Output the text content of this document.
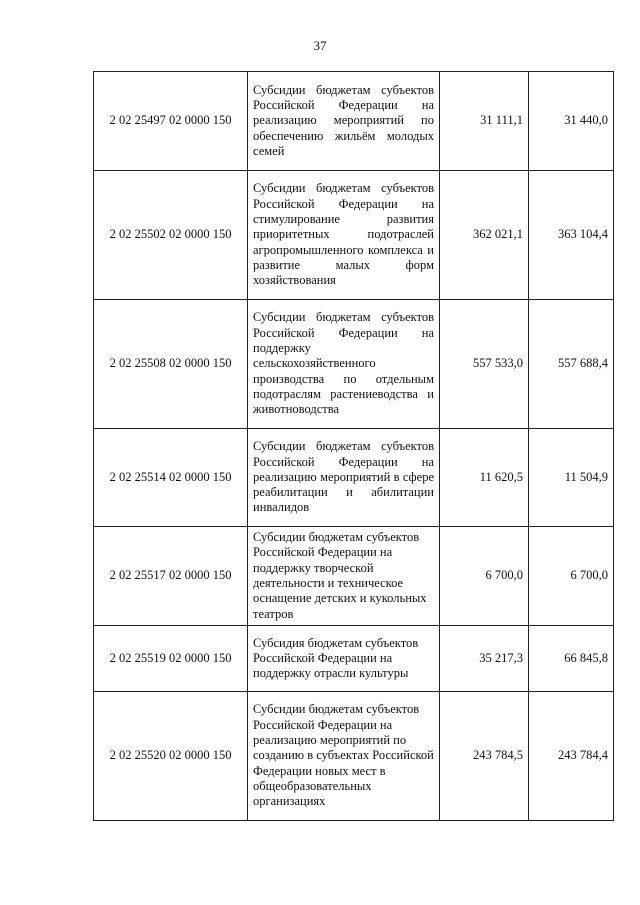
37
2 02 25497 02 0000 150	Субсидии бюджетам субъектов Российской Федерации на реализацию мероприятий по обеспечению жильём молодых семей	31 111,1	31 440,0
2 02 25502 02 0000 150	Субсидии бюджетам субъектов Российской Федерации на стимулирование развития приоритетных подотраслей агропромышленного комплекса и развитие малых форм хозяйствования	362 021,1	363 104,4
2 02 25508 02 0000 150	Субсидии бюджетам субъектов Российской Федерации на поддержку сельскохозяйственного производства по отдельным подотраслям растениеводства и животноводства	557 533,0	557 688,4
2 02 25514 02 0000 150	Субсидии бюджетам субъектов Российской Федерации на реализацию мероприятий в сфере реабилитации и абилитации инвалидов	11 620,5	11 504,9
2 02 25517 02 0000 150	Субсидии бюджетам субъектов Российской Федерации на поддержку творческой деятельности и техническое оснащение детских и кукольных театров	6 700,0	6 700,0
2 02 25519 02 0000 150	Субсидия бюджетам субъектов Российской Федерации на поддержку отрасли культуры	35 217,3	66 845,8
2 02 25520 02 0000 150	Субсидии бюджетам субъектов Российской Федерации на реализацию мероприятий по созданию в субъектах Российской Федерации новых мест в общеобразовательных организациях	243 784,5	243 784,4
